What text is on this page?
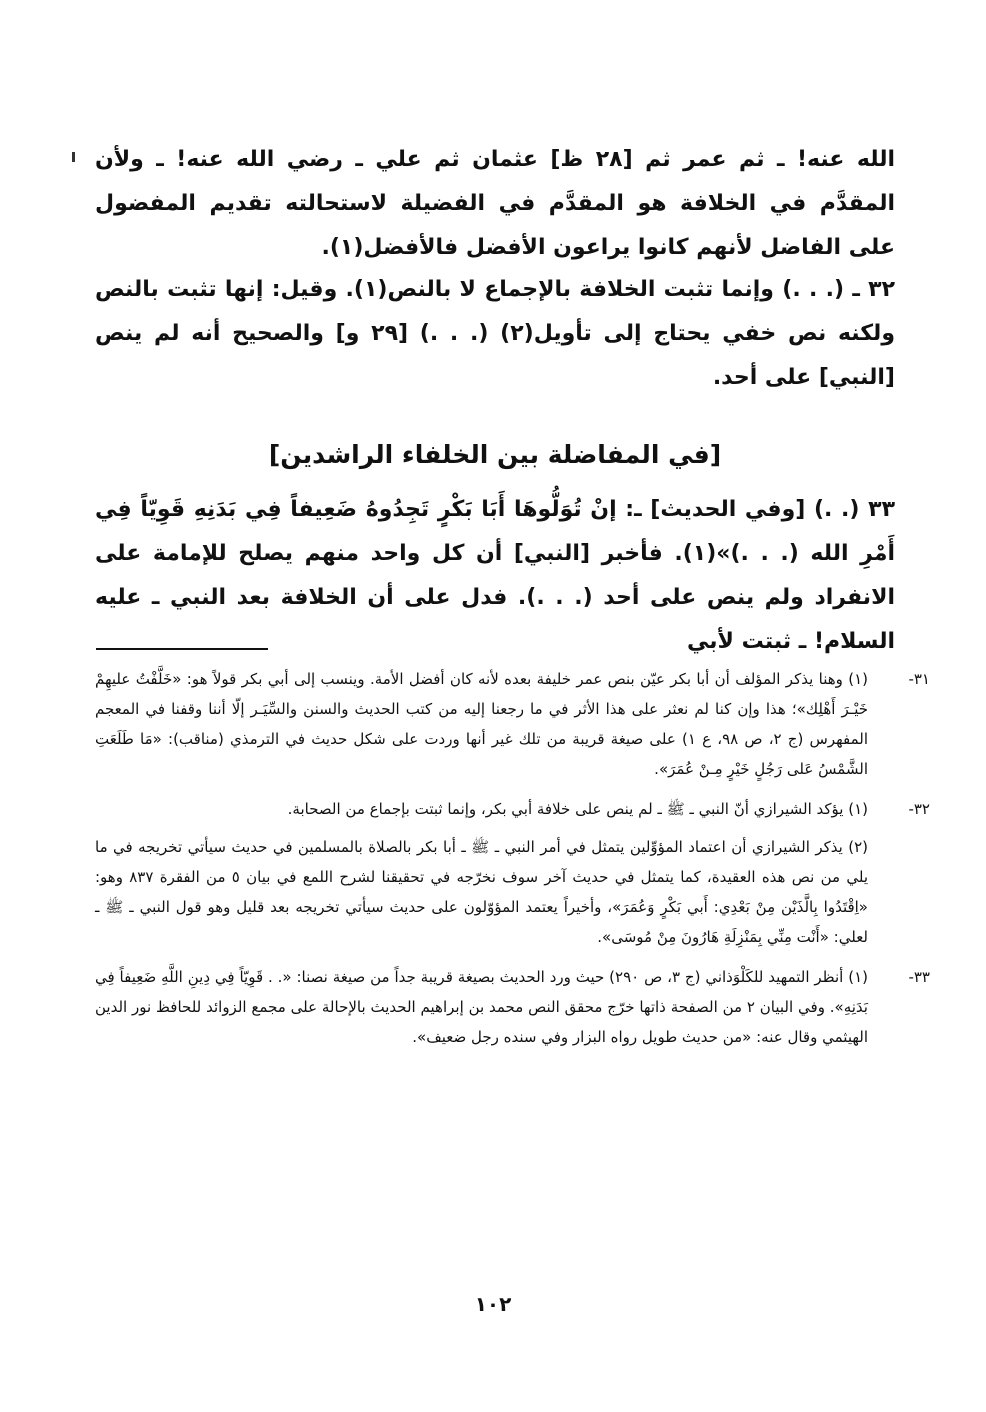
الله عنه! ـ ثم عمر ثم [٢٨ ظ] عثمان ثم علي ـ رضي الله عنه! ـ ولأن المقدَّم في الخلافة هو المقدَّم في الفضيلة لاستحالته تقديم المفضول على الفاضل لأنهم كانوا يراعون الأفضل فالأفضل(١).

٣٢ ـ (. . .) وإنما تثبت الخلافة بالإجماع لا بالنص(١). وقيل: إنها تثبت بالنص ولكنه نص خفي يحتاج إلى تأويل(٢) (. . .) [٢٩ و] والصحيح أنه لم ينص [النبي] على أحد.

[في المفاضلة بين الخلفاء الراشدين]

٣٣ (. .) [وفي الحديث] ـ: إنْ تُوَلُّوهَا أَبَا بَكْرٍ تَجِدُوهُ ضَعِيفاً فِي بَدَنِهِ قَوِيّاً فِي أَمْرِ الله (. . .)»(١). فأخبر [النبي] أن كل واحد منهم يصلح للإمامة على الانفراد ولم ينص على أحد (. . .). فدل على أن الخلافة بعد النبي ـ عليه السلام! ـ ثبتت لأبي

٣١-

(١) وهنا يذكر المؤلف أن أبا بكر عيّن بنص عمر خليفة بعده لأنه كان أفضل الأمة. وينسب إلى أبي بكر قولاً هو: «خَلَّفْتُ عليهِمْ خَيْـرَ أَهْلِك»؛ هذا وإن كنا لم نعثر على هذا الأثر في ما رجعنا إليه من كتب الحديث والسنن والسِّيَـر إلّا أننا وقفنا في المعجم المفهرس (ج ٢، ص ٩٨، ع ١) على صيغة قريبة من تلك غير أنها وردت على شكل حديث في الترمذي (مناقب): «مَا طَلَعَتِ الشَّمْسُ عَلى رَجُلٍ خَيْرٍ مِـنْ عُمَرَ».

٣٢-

(١) يؤكد الشيرازي أنّ النبي ـ ﷺ ـ لم ينص على خلافة أبي بكر، وإنما ثبتت بإجماع من الصحابة.

(٢) يذكر الشيرازي أن اعتماد المؤوِّلين يتمثل في أمر النبي ـ ﷺ ـ أبا بكر بالصلاة بالمسلمين في حديث سيأتي تخريجه في ما يلي من نص هذه العقيدة، كما يتمثل في حديث آخر سوف نخرّجه في تحقيقنا لشرح اللمع في بيان ٥ من الفقرة ٨٣٧ وهو: «اِقْتَدُوا بِالَّذَيْن مِنْ بَعْدِي: أَبي بَكْرٍ وَعُمَرَ»، وأخيراً يعتمد المؤوّلون على حديث سيأتي تخريجه بعد قليل وهو قول النبي ـ ﷺ ـ لعلي: «أَنْت مِنِّي بِمَنْزِلَةِ هَارُونَ مِنْ مُوسَى».

٣٣-

(١) أنظر التمهيد للكَلْوَذاني (ج ٣، ص ٢٩٠) حيث ورد الحديث بصيغة قريبة جداً من صيغة نصنا: «. . قَوِيّاً فِي دِينِ اللَّهِ ضَعِيفاً فِي بَدَنِهِ». وفي البيان ٢ من الصفحة ذاتها خرّج محقق النص محمد بن إبراهيم الحديث بالإحالة على مجمع الزوائد للحافظ نور الدين الهيثمي وقال عنه: «من حديث طويل رواه البزار وفي سنده رجل ضعيف».

١٠٢
